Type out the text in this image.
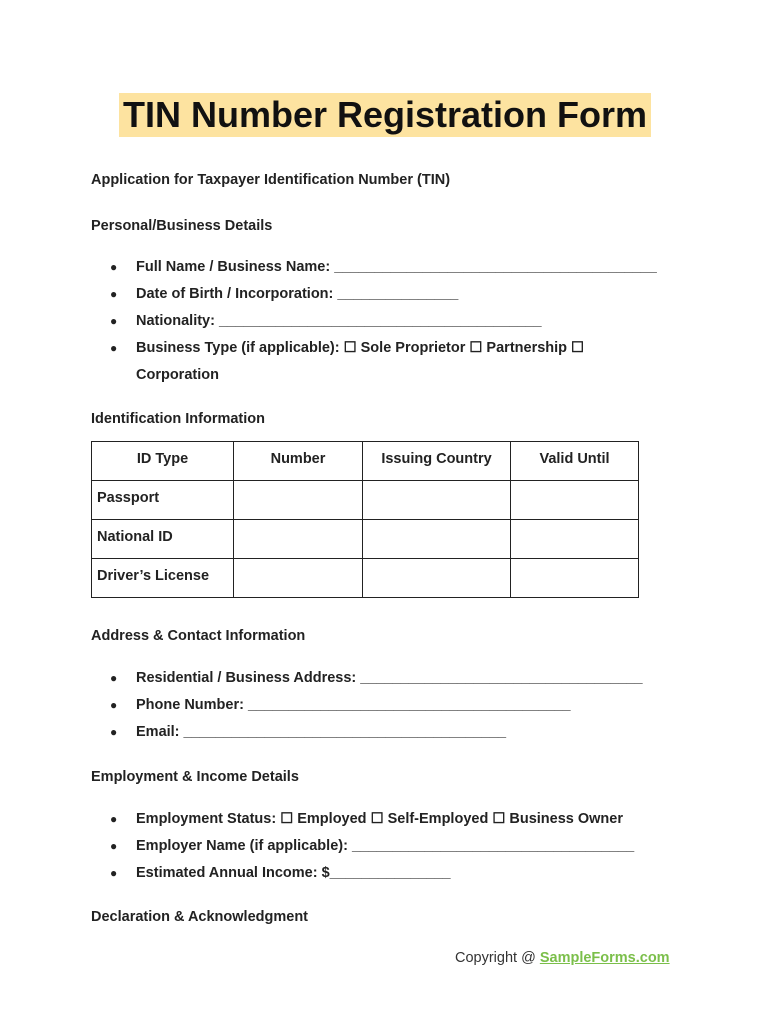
TIN Number Registration Form
Application for Taxpayer Identification Number (TIN)
Personal/Business Details
● Full Name / Business Name: ________________________________________
● Date of Birth / Incorporation: _______________
● Nationality: ________________________________________
● Business Type (if applicable): ☐ Sole Proprietor ☐ Partnership ☐
Corporation
Identification Information
ID Type	Number	Issuing Country	Valid Until
Passport			
National ID			
Driver’s License			
Address & Contact Information
● Residential / Business Address: ___________________________________
● Phone Number: ________________________________________
● Email: ________________________________________
Employment & Income Details
● Employment Status: ☐ Employed ☐ Self-Employed ☐ Business Owner
● Employer Name (if applicable): ___________________________________
● Estimated Annual Income: $_______________
Declaration & Acknowledgment
Copyright @ SampleForms.com
